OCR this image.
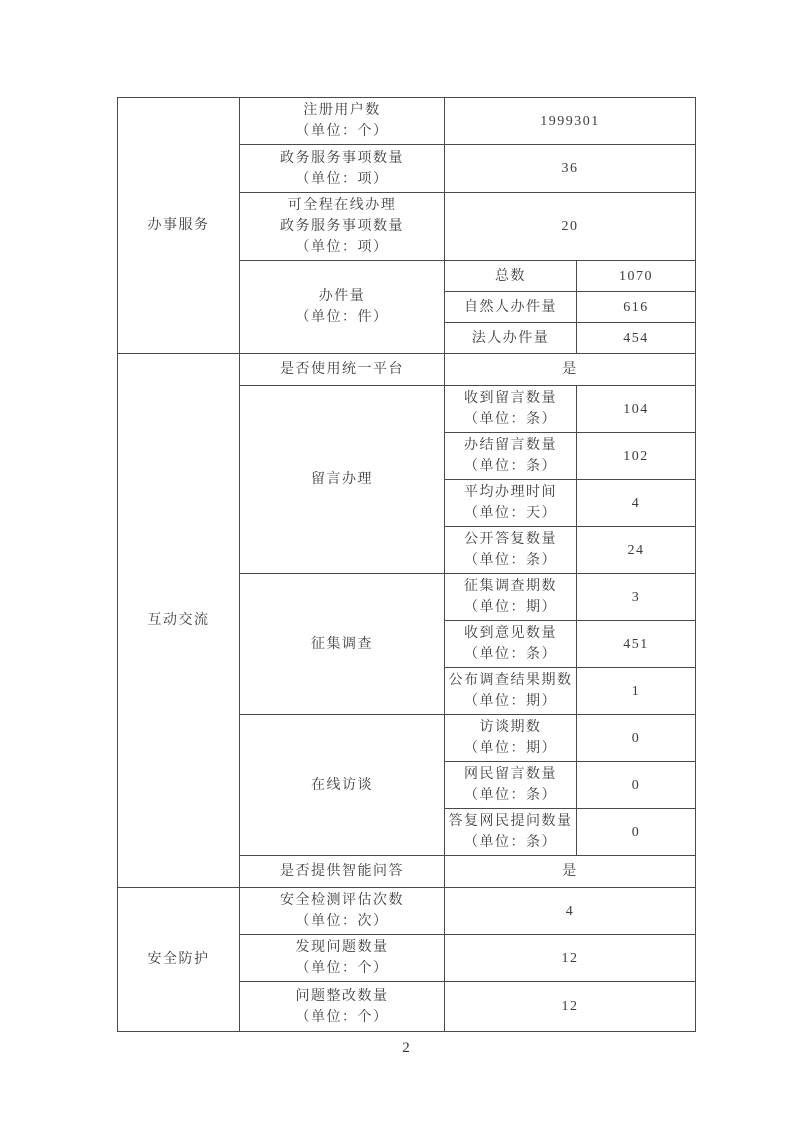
办事服务	注册用户数
（单位：个）	1999301	

	政务服务事项数量
（单位：项）	36	

	可全程在线办理
政务服务事项数量
（单位：项）	20	

	办件量
（单位：件）	总数	1070
		自然人办件量	616
		法人办件量	454

互动交流	是否使用统一平台	是	

	留言办理	收到留言数量
（单位：条）	104

		办结留言数量
（单位：条）	102

		平均办理时间
（单位：天）	4

		公开答复数量
（单位：条）	24

	征集调查	征集调查期数
（单位：期）	3

		收到意见数量
（单位：条）	451

		公布调查结果期数
（单位：期）	1

	在线访谈	访谈期数
（单位：期）	0

		网民留言数量
（单位：条）	0

		答复网民提问数量
（单位：条）	0
	是否提供智能问答	是	

安全防护	安全检测评估次数
（单位：次）	4	

	发现问题数量
（单位：个）	12	

	问题整改数量
（单位：个）	12	
2
